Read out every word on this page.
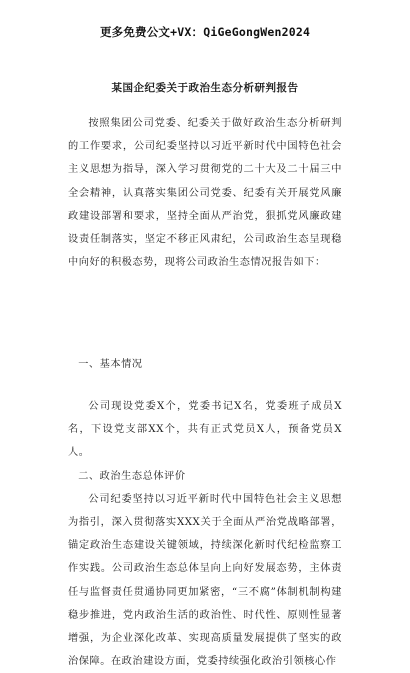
更多免费公文+VX：QiGeGongWen2024
某国企纪委关于政治生态分析研判报告

按照集团公司党委、纪委关于做好政治生态分析研判的工作要求，公司纪委坚持以习近平新时代中国特色社会主义思想为指导，深入学习贯彻党的二十大及二十届三中全会精神，认真落实集团公司党委、纪委有关开展党风廉政建设部署和要求，坚持全面从严治党，狠抓党风廉政建设责任制落实，坚定不移正风肃纪，公司政治生态呈现稳中向好的积极态势，现将公司政治生态情况报告如下：

一、基本情况

公司现设党委X个，党委书记X名，党委班子成员X名，下设党支部XX个，共有正式党员X人，预备党员X人。

二、政治生态总体评价

公司纪委坚持以习近平新时代中国特色社会主义思想为指引，深入贯彻落实XXX关于全面从严治党战略部署，锚定政治生态建设关键领域，持续深化新时代纪检监察工作实践。公司政治生态总体呈向上向好发展态势，主体责任与监督责任贯通协同更加紧密，“三不腐”体制机制构建稳步推进，党内政治生活的政治性、时代性、原则性显著增强，为企业深化改革、实现高质量发展提供了坚实的政治保障。在政治建设方面，党委持续强化政治引领核心作
